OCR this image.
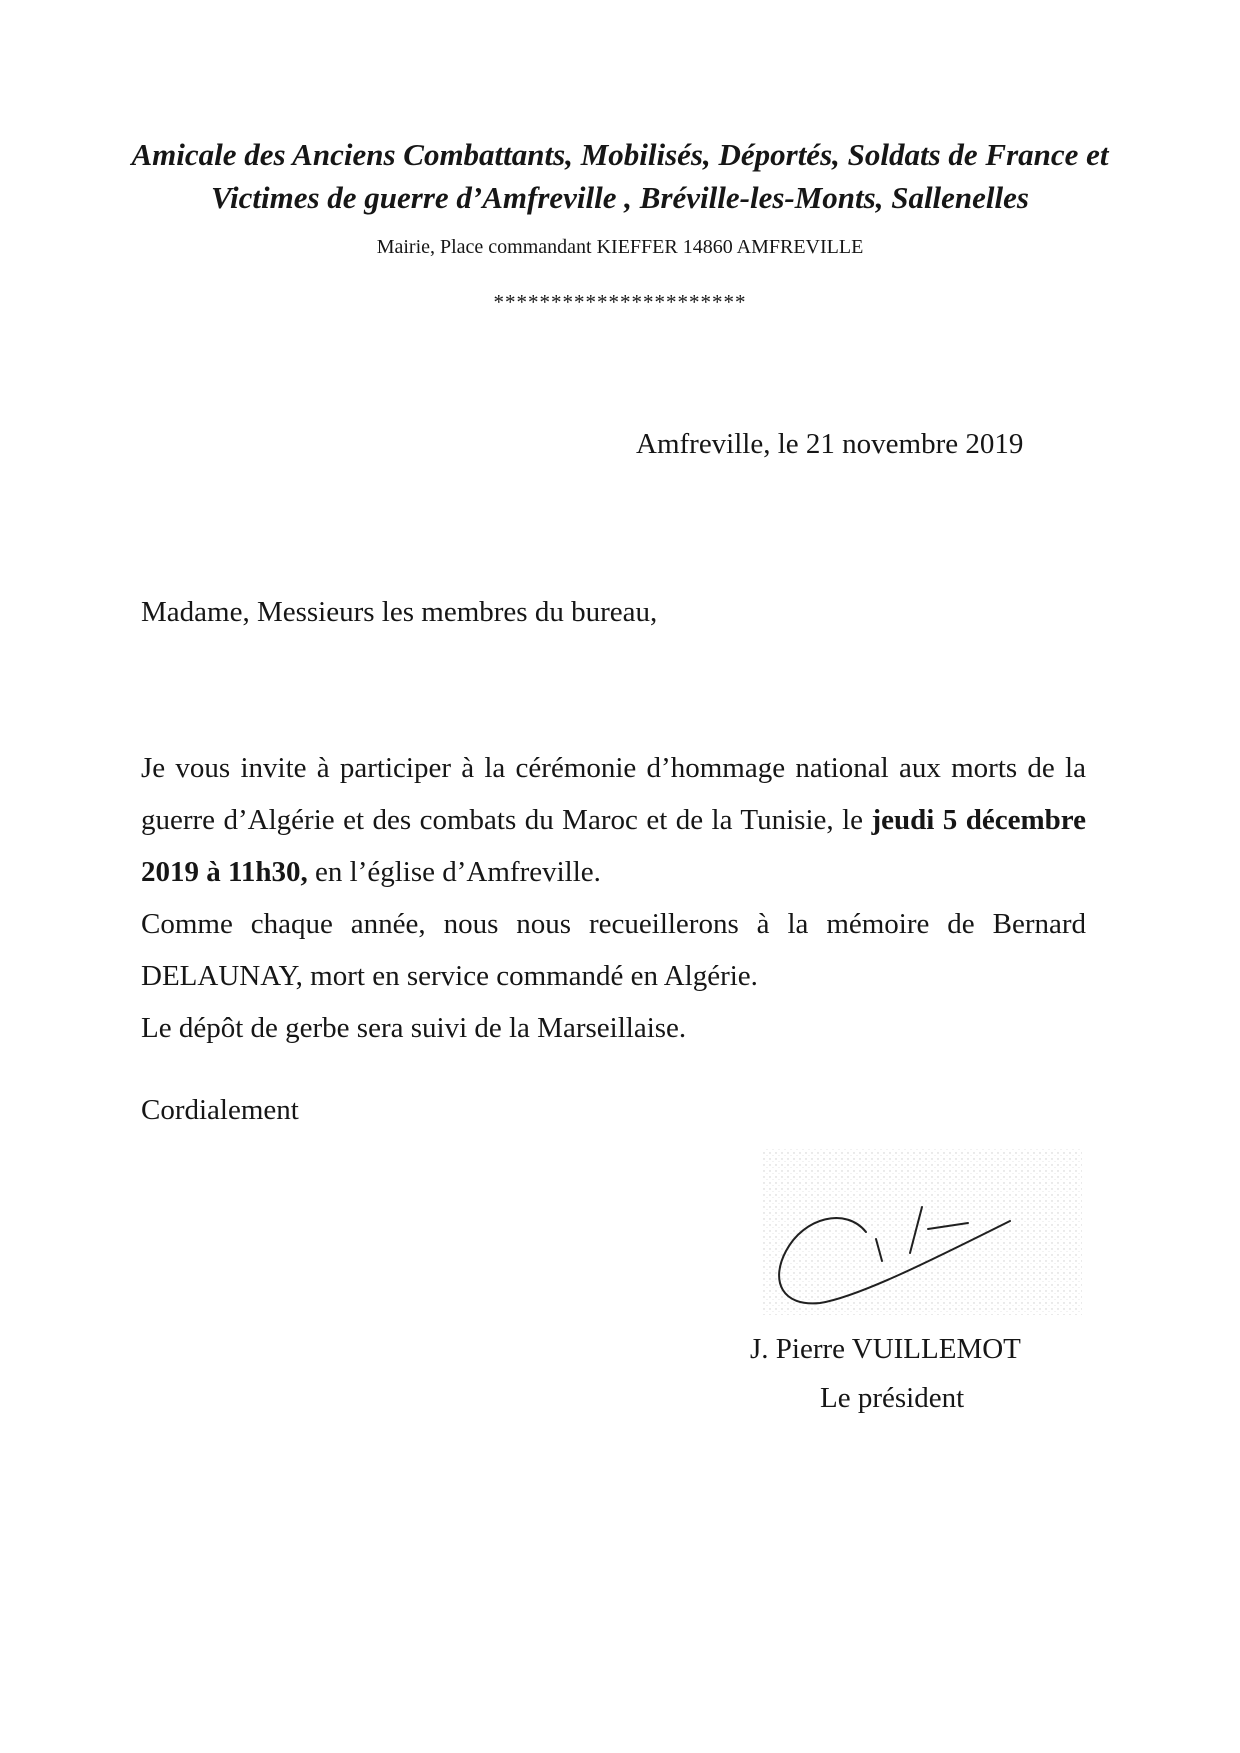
Amicale des Anciens Combattants, Mobilisés, Déportés, Soldats de France et
Victimes de guerre d’Amfreville , Bréville-les-Monts, Sallenelles
Mairie, Place commandant KIEFFER 14860 AMFREVILLE
**********************
Amfreville, le 21 novembre 2019
Madame, Messieurs les membres du bureau,

Je vous invite à participer à la cérémonie d’hommage national aux morts de la guerre d’Algérie et des combats du Maroc et de la Tunisie, le jeudi 5 décembre 2019 à 11h30, en l’église d’Amfreville.

Comme chaque année, nous nous recueillerons à la mémoire de Bernard DELAUNAY, mort en service commandé en Algérie.

Le dépôt de gerbe sera suivi de la Marseillaise.

Cordialement
J. Pierre VUILLEMOT
Le président
